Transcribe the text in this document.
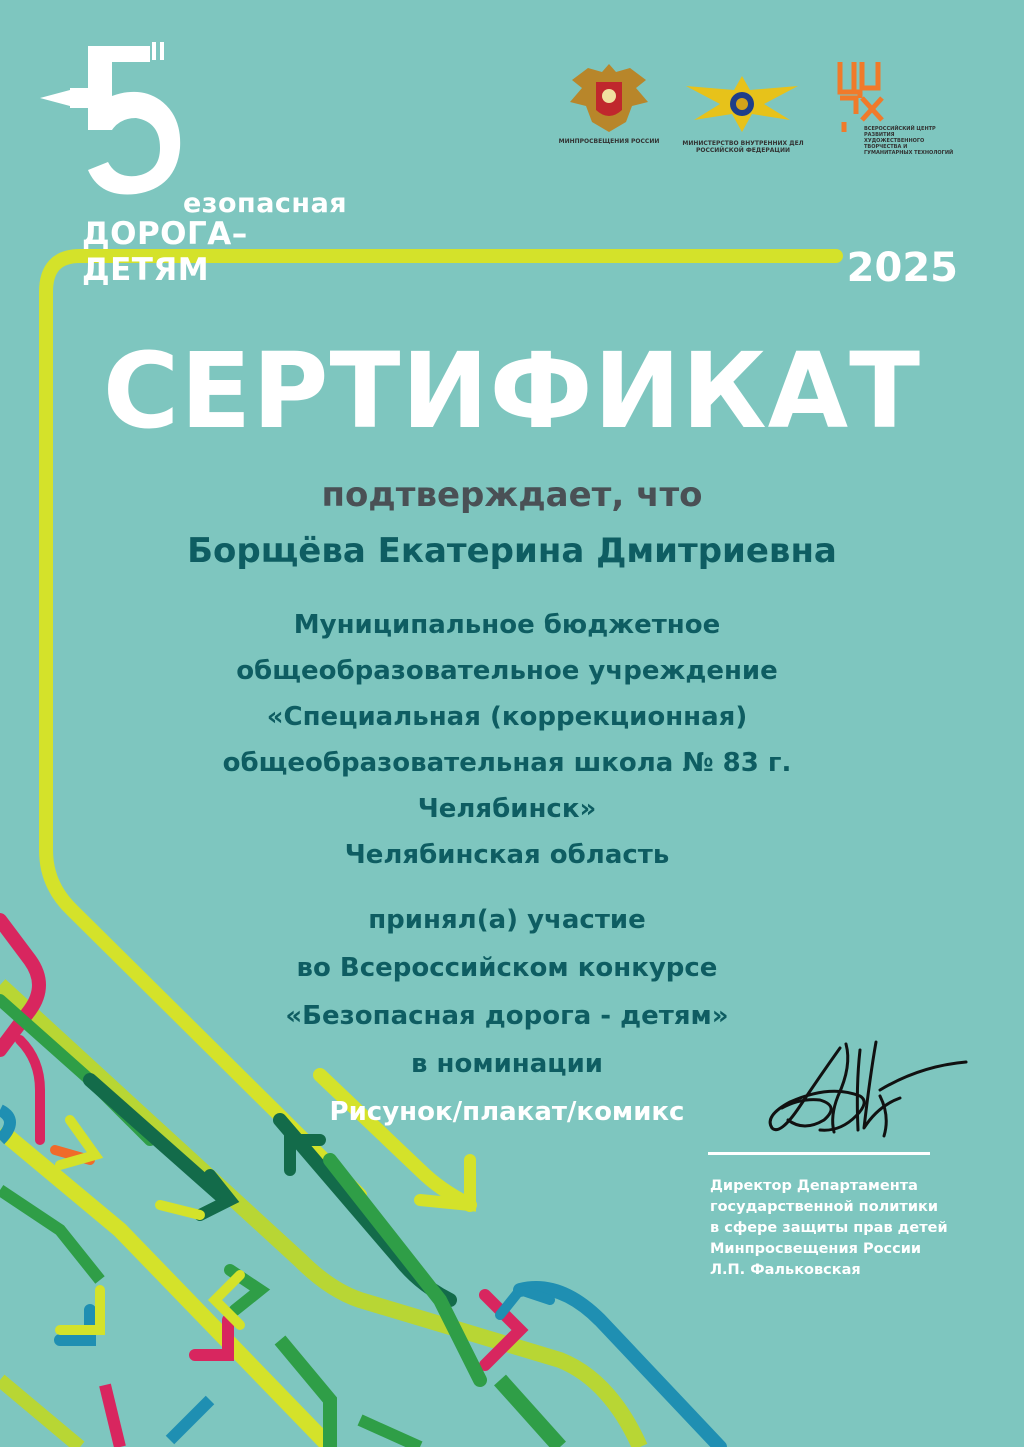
езопасная
ДОРОГА–ДЕТЯМ
МИНПРОСВЕЩЕНИЯ РОССИИ	МИНИСТЕРСТВО ВНУТРЕННИХ ДЕЛ РОССИЙСКОЙ ФЕДЕРАЦИИ
ВСЕРОССИЙСКИЙ ЦЕНТР РАЗВИТИЯ ХУДОЖЕСТВЕННОГО ТВОРЧЕСТВА И ГУМАНИТАРНЫХ ТЕХНОЛОГИЙ
2025
СЕРТИФИКАТ
подтверждает, что
Борщёва Екатерина Дмитриевна
Муниципальное бюджетное
общеобразовательное учреждение
«Специальная (коррекционная)
общеобразовательная школа № 83 г.
Челябинск»
Челябинская область
принял(а) участие
во Всероссийском конкурсе
«Безопасная дорога - детям»
в номинации
Рисунок/плакат/комикс
Директор Департамента
государственной политики
в сфере защиты прав детей
Минпросвещения России
Л.П. Фальковская
